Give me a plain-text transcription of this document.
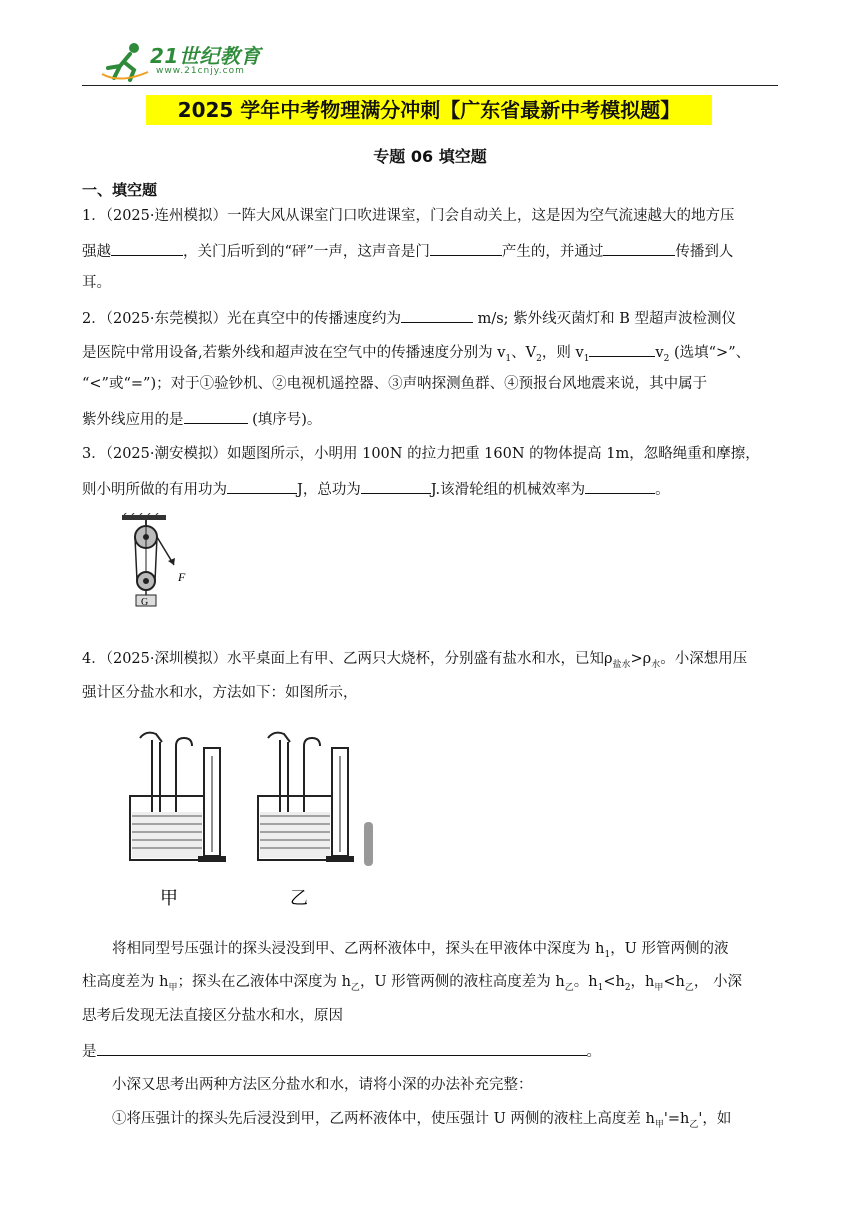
21世纪教育
www.21cnjy.com
2025 学年中考物理满分冲刺【广东省最新中考模拟题】
专题 06 填空题
一、填空题
1．（2025·连州模拟）一阵大风从课室门口吹进课室，门会自动关上，这是因为空气流速越大的地方压
强越	，关门后听到的“砰”一声，这声音是门	产生的，并通过	传播到人
耳。
2．（2025·东莞模拟）光在真空中的传播速度约为	m/s; 紫外线灭菌灯和 B 型超声波检测仪
是医院中常用设备,若紫外线和超声波在空气中的传播速度分别为 $v_1$、$V_2$，则 $v_1$	$v_2$ (选填“>”、
“<”或“=”)；对于①验钞机、②电视机遥控器、③声呐探测鱼群、④预报台风地震来说，其中属于
紫外线应用的是	(填序号)。
3．（2025·潮安模拟）如题图所示，小明用 100N 的拉力把重 160N 的物体提高 1m，忽略绳重和摩擦，
则小明所做的有用功为	J，总功为	J.该滑轮组的机械效率为	。
F
G
4．（2025·深圳模拟）水平桌面上有甲、乙两只大烧杯，分别盛有盐水和水，已知$\rho_{盐水}>\rho_水$。小深想用压
强计区分盐水和水，方法如下：如图所示，
甲	乙
将相同型号压强计的探头浸没到甲、乙两杯液体中，探头在甲液体中深度为 $h_1$，U 形管两侧的液
柱高度差为 $h_甲$；探头在乙液体中深度为 $h_乙$，U 形管两侧的液柱高度差为 $h_乙$。$h_1<h_2$，$h_甲<h_乙$， 小深
思考后发现无法直接区分盐水和水，原因
是	。
小深又思考出两种方法区分盐水和水，请将小深的办法补充完整：
①将压强计的探头先后浸没到甲，乙两杯液体中，使压强计 U 两侧的液柱上高度差 $h_甲'=h_乙'$，如
